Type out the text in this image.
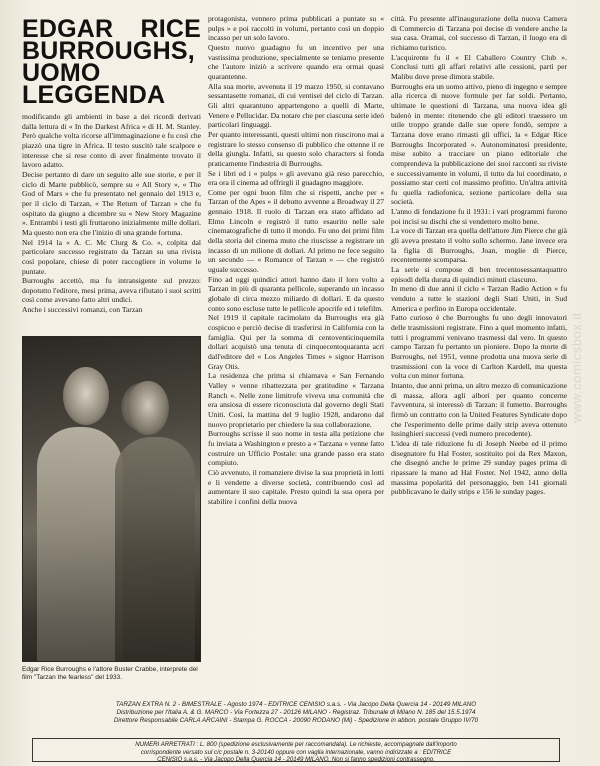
EDGAR RICE BURROUGHS, UOMO LEGGENDA

modificando gli ambienti in base a dei ricordi derivati dalla lettura di « In the Darkest Africa » di H. M. Stanley. Però qualche volta ricorse all'immaginazione e fu così che piazzò una tigre in Africa. Il testo suscitò tale scalpore e interesse che si rese conto di aver finalmente trovato il lavoro adatto.

Decise pertanto di dare un seguito alle sue storie, e per il ciclo di Marte pubblicò, sempre su « All Story », « The God of Mars » che fu presentato nel gennaio del 1913 e, per il ciclo di Tarzan, « The Return of Tarzan » che fu ospitato da giugno a dicembre su « New Story Magazine ». Entrambi i testi gli fruttarono inizialmente mille dollari. Ma questo non era che l'inizio di una grande fortuna.

Nel 1914 la « A. C. Mc Clurg & Co. », colpita dal particolare successo registrato da Tarzan su una rivista così popolare, chiese di poter raccogliere in volume le puntate.

Burroughs accettò, ma fu intransigente sul prezzo: dopotutto l'editore, mesi prima, aveva rifiutato i suoi scritti così come avevano fatto altri undici.

Anche i successivi romanzi, con Tarzan

Edgar Rice Burroughs e l'attore Buster Crabbe, interprete del film "Tarzan the fearless" del 1933.

protagonista, vennero prima pubblicati a puntate su « pulps » e poi raccolti in volumi, pertanto così un doppio incasso per un solo lavoro.

Questo nuovo guadagno fu un incentivo per una vastissima produzione, specialmente se teniamo presente che l'autore iniziò a scrivere quando era ormai quasi quarantenne.

Alla sua morte, avvenuta il 19 marzo 1950, si contavano sessantasette romanzi, di cui ventisei del ciclo di Tarzan. Gli altri quarantuno appartengono a quelli di Marte, Venere e Pellucidar. Da notare che per ciascuna serie ideò particolari linguaggi.

Per quanto interessanti, questi ultimi non riuscirono mai a registrare lo stesso consenso di pubblico che ottenne il re della giungla. Infatti, su questo solo characters si fonda praticamente l'industria di Burroughs.

Se i libri ed i « pulps » gli avevano già reso parecchio, era ora il cinema ad offrirgli il guadagno maggiore.

Come per ogni buon film che si rispetti, anche per « Tarzan of the Apes » il debutto avvenne a Broadway il 27 gennaio 1918. Il ruolo di Tarzan era stato affidato ad Elmo Lincoln e registrò il tutto esaurito nelle sale cinematografiche di tutto il mondo. Fu uno dei primi film della storia del cinema muto che riuscisse a registrare un incasso di un milione di dollari. Al primo ne fece seguito un secondo — « Romance of Tarzan » — che registrò uguale successo.

Fino ad oggi quindici attori hanno dato il loro volto a Tarzan in più di quaranta pellicole, superando un incasso globale di circa mezzo miliardo di dollari. E da questo conto sono escluse tutte le pellicole apocrife ed i telefilm.

Nel 1919 il capitale racimolato da Burroughs era già cospicuo e perciò decise di trasferirsi in California con la famiglia. Qui per la somma di centoventicinquemila dollari acquistò una tenuta di cinquecentoquaranta acri dall'editore del « Los Angeles Times » signor Harrison Gray Otis.

La residenza che prima si chiamava « San Fernando Valley » venne ribattezzata per gratitudine « Tarzana Ranch ». Nelle zone limitrofe viveva una comunità che era ansiosa di essere riconosciuta dal governo degli Stati Uniti. Così, la mattina del 9 luglio 1928, andarono dal nuovo proprietario per chiedere la sua collaborazione.

Burroughs scrisse il suo nome in testa alla petizione che fu inviata a Washington e presto a « Tarzana » venne fatto costruire un Ufficio Postale: una grande passo era stato compiuto.

Ciò avvenuto, il romanziere divise la sua proprietà in lotti e li vendette a diverse società, contribuendo così ad aumentare il suo capitale. Presto quindi la sua opera per stabilire i confini della nuova

città. Fu presente all'inaugurazione della nuova Camera di Commercio di Tarzana poi decise di vendere anche la sua casa. Oramai, col successo di Tarzan, il luogo era di richiamo turistico.

L'acquirente fu il « El Caballero Country Club ». Conclusi tutti gli affari relativi alle cessioni, partì per Malibu dove prese dimora stabile.

Burroughs era un uomo attivo, pieno di ingegno e sempre alla ricerca di nuove formule per far soldi. Pertanto, ultimate le questioni di Tarzana, una nuova idea gli balenò in mente: ritenendo che gli editori traessero un utile troppo grande dalle sue opere fondò, sempre a Tarzana dove erano rimasti gli uffici, la « Edgar Rice Burroughs Incorporated ». Autonominatosi presidente, mise subito a tracciare un piano editoriale che comprendeva la pubblicazione dei suoi racconti su riviste e successivamente in volumi, il tutto da lui coordinato, e possiamo star certi col massimo profitto. Un'altra attività fu quella radiofonica, sezione particolare della sua società.

L'anno di fondazione fu il 1931: i vari programmi furono poi incisi su dischi che si vendettero molto bene.

La voce di Tarzan era quella dell'attore Jim Pierce che già gli aveva prestato il volto sullo schermo. Jane invece era la figlia di Burroughs, Joan, moglie di Pierce, recentemente scomparsa.

La serie si compose di ben trecentosessantaquattro episodi della durata di quindici minuti ciascuno.

In meno di due anni il ciclo « Tarzan Radio Action » fu venduto a tutte le stazioni degli Stati Uniti, in Sud America e perfino in Europa occidentale.

Fatto curioso è che Burroughs fu uno degli innovatori delle trasmissioni registrate. Fino a quel momento infatti, tutti i programmi venivano trasmessi dal vero. In questo campo Tarzan fu pertanto un pioniere. Dopo la morte di Burroughs, nel 1951, venne prodotta una nuova serie di trasmissioni con la voce di Carlton Kardell, ma questa volta con minor fortuna.

Intanto, due anni prima, un altro mezzo di comunicazione di massa, allora agli albori per quanto concerne l'avventura, si interessò di Tarzan: il fumetto. Burroughs firmò un contratto con la United Features Syndicate dopo che l'esperimento delle prime daily strip aveva ottenuto lusinghieri successi (vedi numero precedente).

L'idea di tale riduzione fu di Joseph Neebe ed il primo disegnatore fu Hal Foster, sostituito poi da Rex Maxon, che disegnò anche le prime 29 sunday pages prima di ripassare la mano ad Hal Foster. Nel 1942, anno della massima popolarità del personaggio, ben 141 giornali pubblicavano le daily strips e 156 le sunday pages.

TARZAN EXTRA N. 2 - BIMESTRALE - Agosto 1974 - EDITRICE CENISIO s.a.s. - Via Jacopo Della Quercia 14 - 20149 MILANO
Distribuzione per l'Italia A. & G. MARCO - Via Fortezza 27 - 20126 MILANO - Registraz. Tribunale di Milano N. 185 del 15.5.1974
Direttore Responsabile CARLA ARCAINI - Stampa G. ROCCA - 20090 RODANO (Mi) - Spedizione in abbon. postale Gruppo IV/70
NUMERI ARRETRATI : L. 800 (spedizione esclusivamente per raccomandata). Le richieste, accompagnate dall'importo
corrispondente versato sul c/c postale n. 3-20140 oppure con vaglia internazionale, vanno indirizzate a : EDITRICE
CENISIO s.a.s. - Via Jacopo Della Quercia 14 - 20149 MILANO. Non si fanno spedizioni contrassegno.
www.comicsbox.it
